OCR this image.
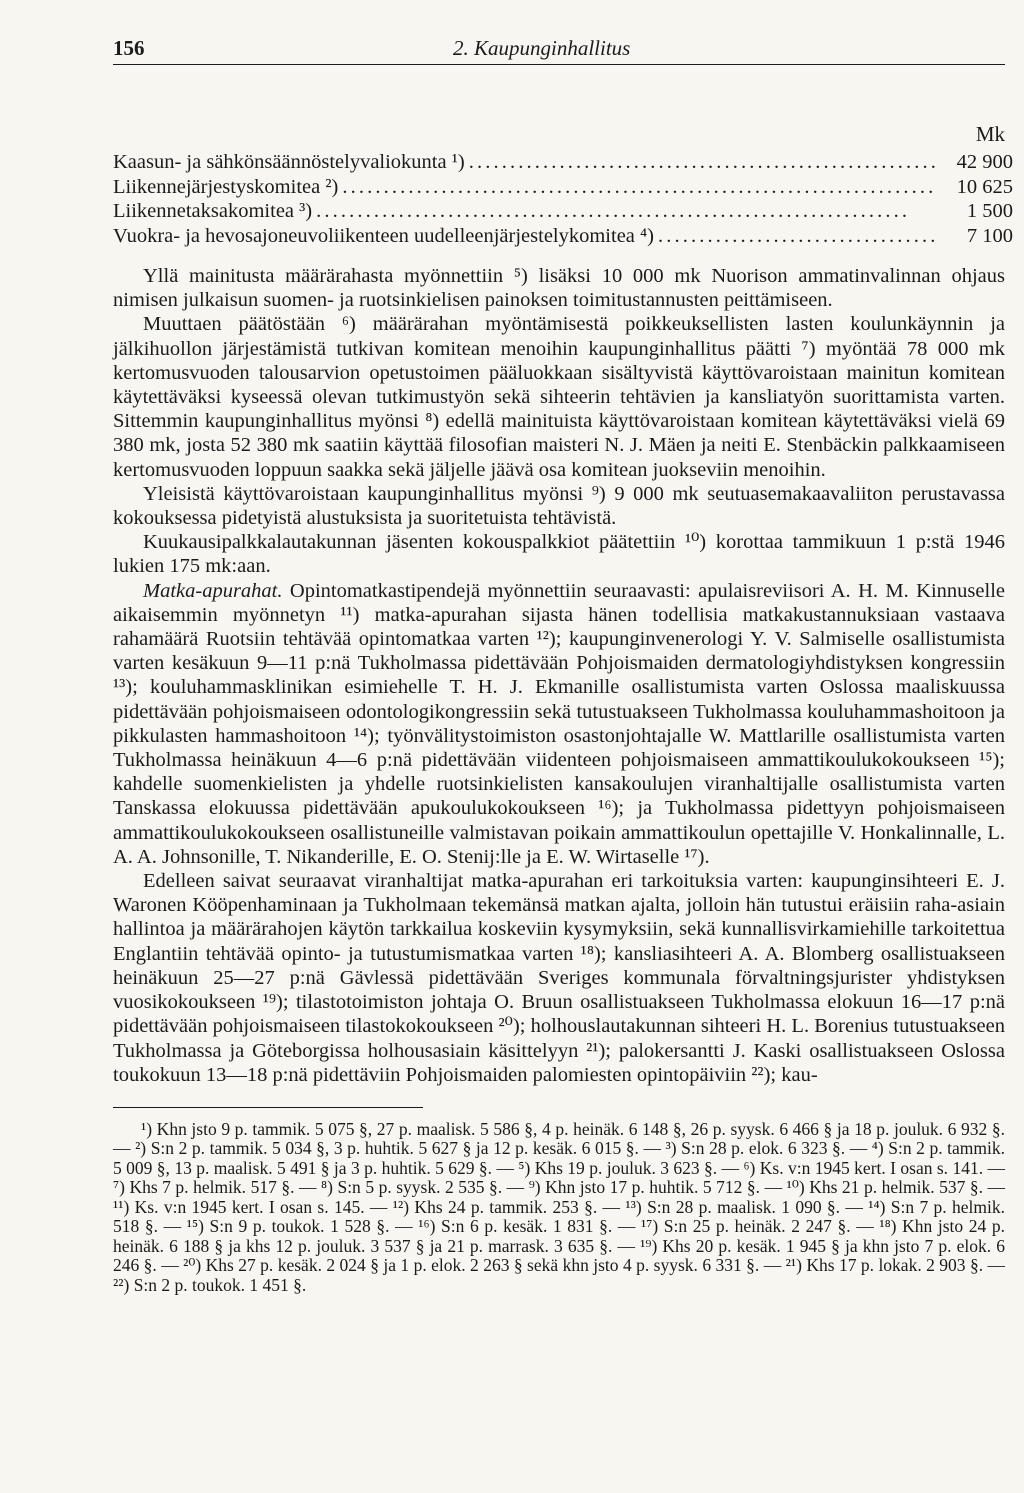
156	2. Kaupunginhallitus
Mk
Kaasun- ja sähkönsäännöstelyvaliokunta ¹) . . .	42 900
Liikennejärjestyskomitea ²) . . .	10 625
Liikennetaksakomitea ³) . . .	1 500
Vuokra- ja hevosajoneuvoliikenteen uudelleenjärjestelykomitea ⁴) . . .	7 100

Yllä mainitusta määrärahasta myönnettiin ⁵) lisäksi 10 000 mk Nuorison ammatinvalinnan ohjaus nimisen julkaisun suomen- ja ruotsinkielisen painoksen toimitustannusten peittämiseen.

Muuttaen päätöstään ⁶) määrärahan myöntämisestä poikkeuksellisten lasten koulunkäynnin ja jälkihuollon järjestämistä tutkivan komitean menoihin kaupunginhallitus päätti ⁷) myöntää 78 000 mk kertomusvuoden talousarvion opetustoimen pääluokkaan sisältyvistä käyttövaroistaan mainitun komitean käytettäväksi kyseessä olevan tutkimustyön sekä sihteerin tehtävien ja kansliatyön suorittamista varten. Sittemmin kaupunginhallitus myönsi ⁸) edellä mainituista käyttövaroistaan komitean käytettäväksi vielä 69 380 mk, josta 52 380 mk saatiin käyttää filosofian maisteri N. J. Mäen ja neiti E. Stenbäckin palkkaamiseen kertomusvuoden loppuun saakka sekä jäljelle jäävä osa komitean juokseviin menoihin.

Yleisistä käyttövaroistaan kaupunginhallitus myönsi ⁹) 9 000 mk seutuasemakaavaliiton perustavassa kokouksessa pidetyistä alustuksista ja suoritetuista tehtävistä.

Kuukausipalkkalautakunnan jäsenten kokouspalkkiot päätettiin ¹⁰) korottaa tammikuun 1 p:stä 1946 lukien 175 mk:aan.

Matka-apurahat. Opintomatkastipendejä myönnettiin seuraavasti: apulaisreviisori A. H. M. Kinnuselle aikaisemmin myönnetyn ¹¹) matka-apurahan sijasta hänen todellisia matkakustannuksiaan vastaava rahamäärä Ruotsiin tehtävää opintomatkaa varten ¹²); kaupunginvenerologi Y. V. Salmiselle osallistumista varten kesäkuun 9—11 p:nä Tukholmassa pidettävään Pohjoismaiden dermatologiyhdistyksen kongressiin ¹³); kouluhammasklinikan esimiehelle T. H. J. Ekmanille osallistumista varten Oslossa maaliskuussa pidettävään pohjoismaiseen odontologikongressiin sekä tutustuakseen Tukholmassa kouluhammashoitoon ja pikkulasten hammashoitoon ¹⁴); työnvälitystoimiston osastonjohtajalle W. Mattlarille osallistumista varten Tukholmassa heinäkuun 4—6 p:nä pidettävään viidenteen pohjoismaiseen ammattikoulukokoukseen ¹⁵); kahdelle suomenkielisten ja yhdelle ruotsinkielisten kansakoulujen viranhaltijalle osallistumista varten Tanskassa elokuussa pidettävään apukoulukokoukseen ¹⁶); ja Tukholmassa pidettyyn pohjoismaiseen ammattikoulukokoukseen osallistuneille valmistavan poikain ammattikoulun opettajille V. Honkalinnalle, L. A. A. Johnsonille, T. Nikanderille, E. O. Stenij:lle ja E. W. Wirtaselle ¹⁷).

Edelleen saivat seuraavat viranhaltijat matka-apurahan eri tarkoituksia varten: kaupunginsihteeri E. J. Waronen Kööpenhaminaan ja Tukholmaan tekemänsä matkan ajalta, jolloin hän tutustui eräisiin raha-asiain hallintoa ja määrärahojen käytön tarkkailua koskeviin kysymyksiin, sekä kunnallisvirkamiehille tarkoitettua Englantiin tehtävää opinto- ja tutustumismatkaa varten ¹⁸); kansliasihteeri A. A. Blomberg osallistuakseen heinäkuun 25—27 p:nä Gävlessä pidettävään Sveriges kommunala förvaltningsjurister yhdistyksen vuosikokoukseen ¹⁹); tilastotoimiston johtaja O. Bruun osallistuakseen Tukholmassa elokuun 16—17 p:nä pidettävään pohjoismaiseen tilastokokoukseen ²⁰); holhouslautakunnan sihteeri H. L. Borenius tutustuakseen Tukholmassa ja Göteborgissa holhousasiain käsittelyyn ²¹); palokersantti J. Kaski osallistuakseen Oslossa toukokuun 13—18 p:nä pidettäviin Pohjoismaiden palomiesten opintopäiviin ²²); kau-

¹) Khn jsto 9 p. tammik. 5 075 §, 27 p. maalisk. 5 586 §, 4 p. heinäk. 6 148 §, 26 p. syysk. 6 466 § ja 18 p. jouluk. 6 932 §. — ²) S:n 2 p. tammik. 5 034 §, 3 p. huhtik. 5 627 § ja 12 p. kesäk. 6 015 §. — ³) S:n 28 p. elok. 6 323 §. — ⁴) S:n 2 p. tammik. 5 009 §, 13 p. maalisk. 5 491 § ja 3 p. huhtik. 5 629 §. — ⁵) Khs 19 p. jouluk. 3 623 §. — ⁶) Ks. v:n 1945 kert. I osan s. 141. — ⁷) Khs 7 p. helmik. 517 §. — ⁸) S:n 5 p. syysk. 2 535 §. — ⁹) Khn jsto 17 p. huhtik. 5 712 §. — ¹⁰) Khs 21 p. helmik. 537 §. — ¹¹) Ks. v:n 1945 kert. I osan s. 145. — ¹²) Khs 24 p. tammik. 253 §. — ¹³) S:n 28 p. maalisk. 1 090 §. — ¹⁴) S:n 7 p. helmik. 518 §. — ¹⁵) S:n 9 p. toukok. 1 528 §. — ¹⁶) S:n 6 p. kesäk. 1 831 §. — ¹⁷) S:n 25 p. heinäk. 2 247 §. — ¹⁸) Khn jsto 24 p. heinäk. 6 188 § ja khs 12 p. jouluk. 3 537 § ja 21 p. marrask. 3 635 §. — ¹⁹) Khs 20 p. kesäk. 1 945 § ja khn jsto 7 p. elok. 6 246 §. — ²⁰) Khs 27 p. kesäk. 2 024 § ja 1 p. elok. 2 263 § sekä khn jsto 4 p. syysk. 6 331 §. — ²¹) Khs 17 p. lokak. 2 903 §. — ²²) S:n 2 p. toukok. 1 451 §.
